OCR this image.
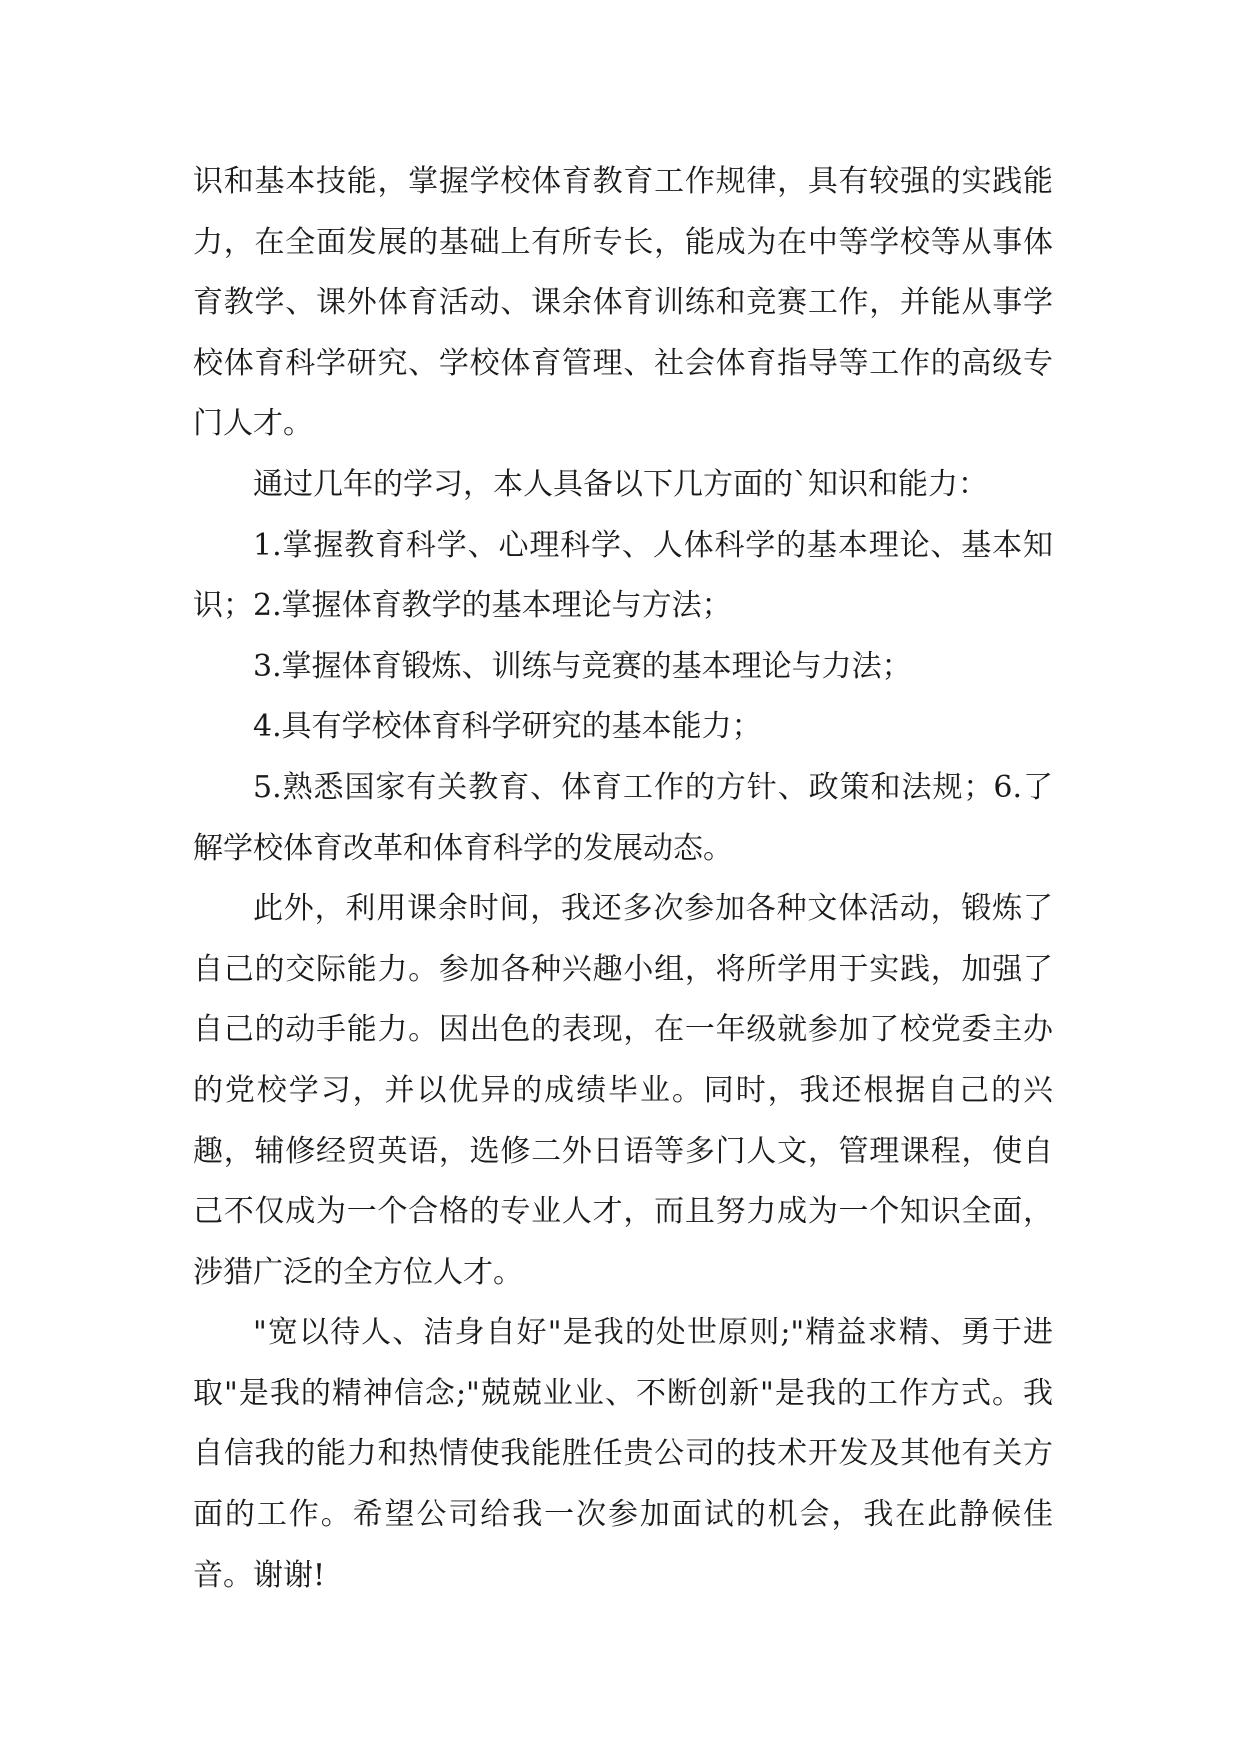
识和基本技能，掌握学校体育教育工作规律，具有较强的实践能力，在全面发展的基础上有所专长，能成为在中等学校等从事体育教学、课外体育活动、课余体育训练和竞赛工作，并能从事学校体育科学研究、学校体育管理、社会体育指导等工作的高级专门人才。

通过几年的学习，本人具备以下几方面的`知识和能力：

1.掌握教育科学、心理科学、人体科学的基本理论、基本知识；2.掌握体育教学的基本理论与方法；

3.掌握体育锻炼、训练与竞赛的基本理论与力法；

4.具有学校体育科学研究的基本能力；

5.熟悉国家有关教育、体育工作的方针、政策和法规；6.了解学校体育改革和体育科学的发展动态。

此外，利用课余时间，我还多次参加各种文体活动，锻炼了自己的交际能力。参加各种兴趣小组，将所学用于实践，加强了自己的动手能力。因出色的表现，在一年级就参加了校党委主办的党校学习，并以优异的成绩毕业。同时，我还根据自己的兴趣，辅修经贸英语，选修二外日语等多门人文，管理课程，使自己不仅成为一个合格的专业人才，而且努力成为一个知识全面，涉猎广泛的全方位人才。

"宽以待人、洁身自好"是我的处世原则;"精益求精、勇于进取"是我的精神信念;"兢兢业业、不断创新"是我的工作方式。我自信我的能力和热情使我能胜任贵公司的技术开发及其他有关方面的工作。希望公司给我一次参加面试的机会，我在此静候佳音。谢谢!
